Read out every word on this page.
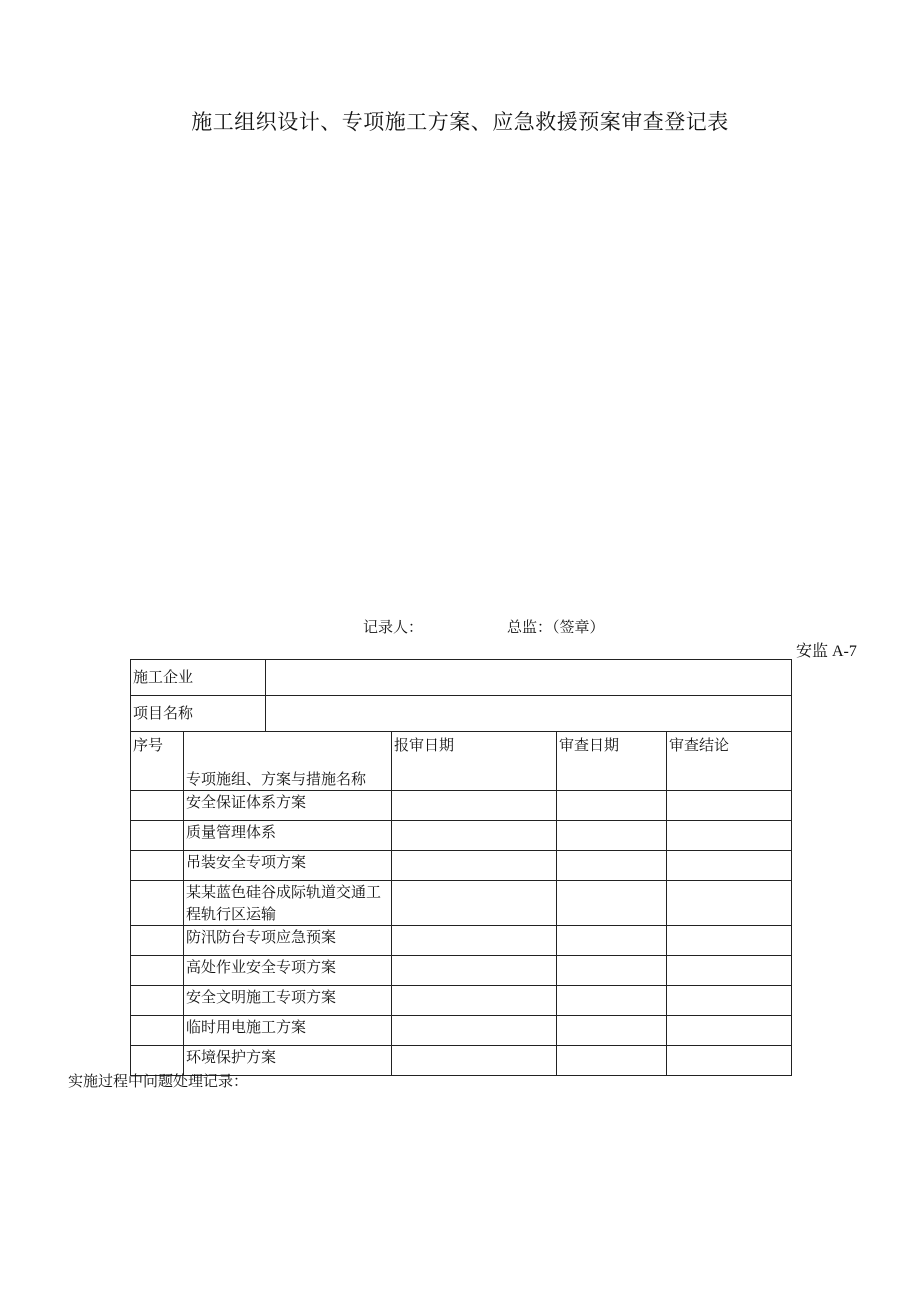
施工组织设计、专项施工方案、应急救援预案审查登记表
记录人：	总监：（签章）
安监 A-7
施工企业					
项目名称					

序号	专项施组、方案与措施名称		报审日期	审查日期	审查结论

	安全保证体系方案				
	质量管理体系				
	吊装安全专项方案				
	某某蓝色硅谷成际轨道交通工程轨行区运输				
	防汛防台专项应急预案				
	高处作业安全专项方案				
	安全文明施工专项方案				
	临时用电施工方案				
	环境保护方案				
实施过程中问题处理记录：
